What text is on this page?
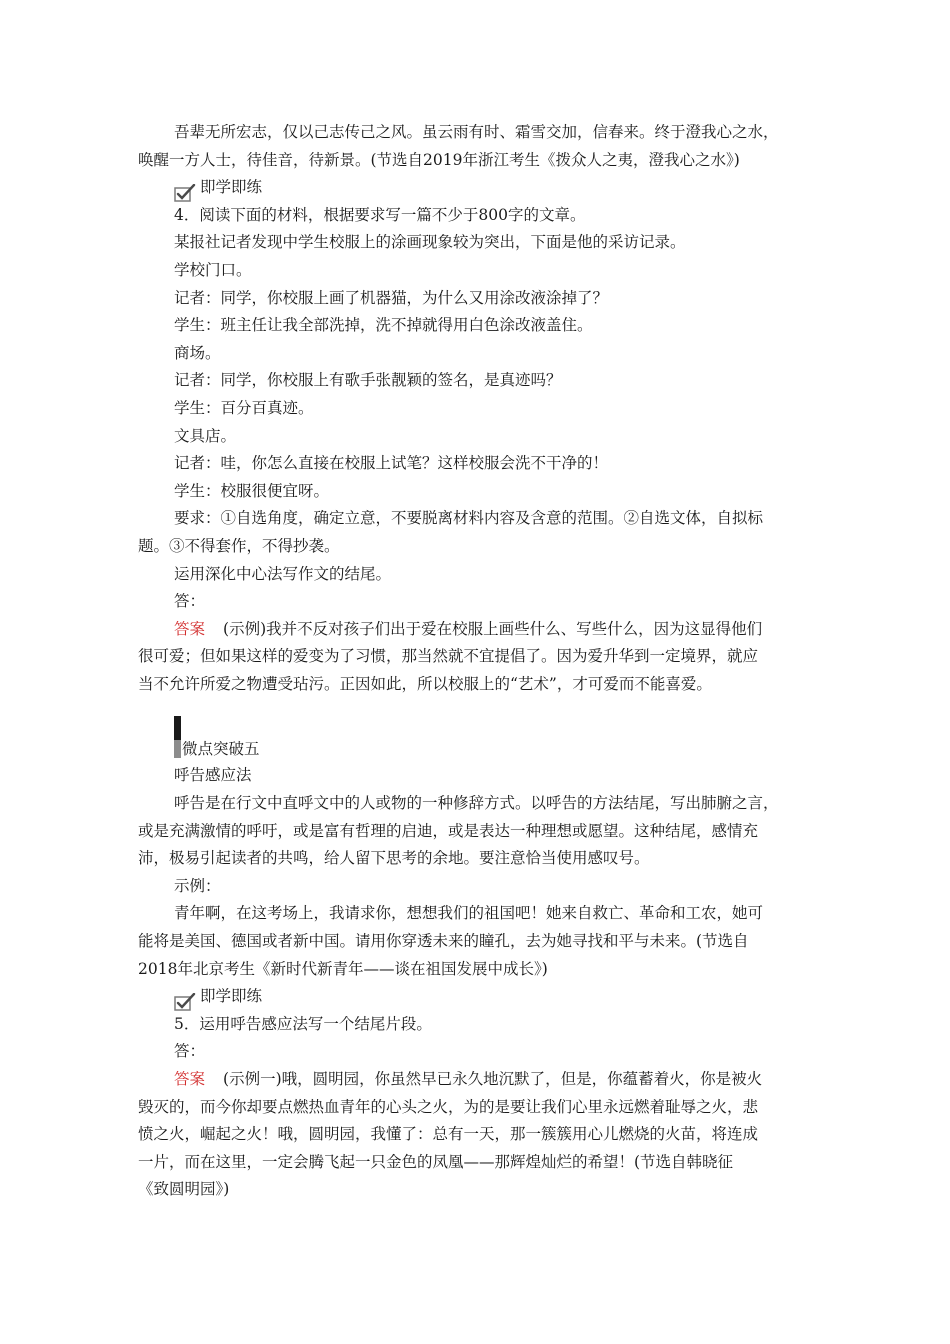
吾辈无所宏志，仅以己志传己之风。虽云雨有时、霜雪交加，信春来。终于澄我心之水，

唤醒一方人士，待佳音，待新景。(节选自2019年浙江考生《拨众人之夷，澄我心之水》)

即学即练

4．阅读下面的材料，根据要求写一篇不少于800字的文章。

某报社记者发现中学生校服上的涂画现象较为突出，下面是他的采访记录。

学校门口。

记者：同学，你校服上画了机器猫，为什么又用涂改液涂掉了？

学生：班主任让我全部洗掉，洗不掉就得用白色涂改液盖住。

商场。

记者：同学，你校服上有歌手张靓颖的签名，是真迹吗？

学生：百分百真迹。

文具店。

记者：哇，你怎么直接在校服上试笔？这样校服会洗不干净的！

学生：校服很便宜呀。

要求：①自选角度，确定立意，不要脱离材料内容及含意的范围。②自选文体，自拟标

题。③不得套作，不得抄袭。

运用深化中心法写作文的结尾。

答：

答案 (示例)我并不反对孩子们出于爱在校服上画些什么、写些什么，因为这显得他们

很可爱；但如果这样的爱变为了习惯，那当然就不宜提倡了。因为爱升华到一定境界，就应

当不允许所爱之物遭受玷污。正因如此，所以校服上的“艺术”，才可爱而不能喜爱。

微点突破五

呼告感应法

呼告是在行文中直呼文中的人或物的一种修辞方式。以呼告的方法结尾，写出肺腑之言，

或是充满激情的呼吁，或是富有哲理的启迪，或是表达一种理想或愿望。这种结尾，感情充

沛，极易引起读者的共鸣，给人留下思考的余地。要注意恰当使用感叹号。

示例：

青年啊，在这考场上，我请求你，想想我们的祖国吧！她来自救亡、革命和工农，她可

能将是美国、德国或者新中国。请用你穿透未来的瞳孔，去为她寻找和平与未来。(节选自

2018年北京考生《新时代新青年——谈在祖国发展中成长》)

即学即练

5．运用呼告感应法写一个结尾片段。

答：

答案 (示例一)哦，圆明园，你虽然早已永久地沉默了，但是，你蕴蓄着火，你是被火

毁灭的，而今你却要点燃热血青年的心头之火，为的是要让我们心里永远燃着耻辱之火，悲

愤之火，崛起之火！哦，圆明园，我懂了：总有一天，那一簇簇用心儿燃烧的火苗，将连成

一片，而在这里，一定会腾飞起一只金色的凤凰——那辉煌灿烂的希望！(节选自韩晓征

《致圆明园》)
